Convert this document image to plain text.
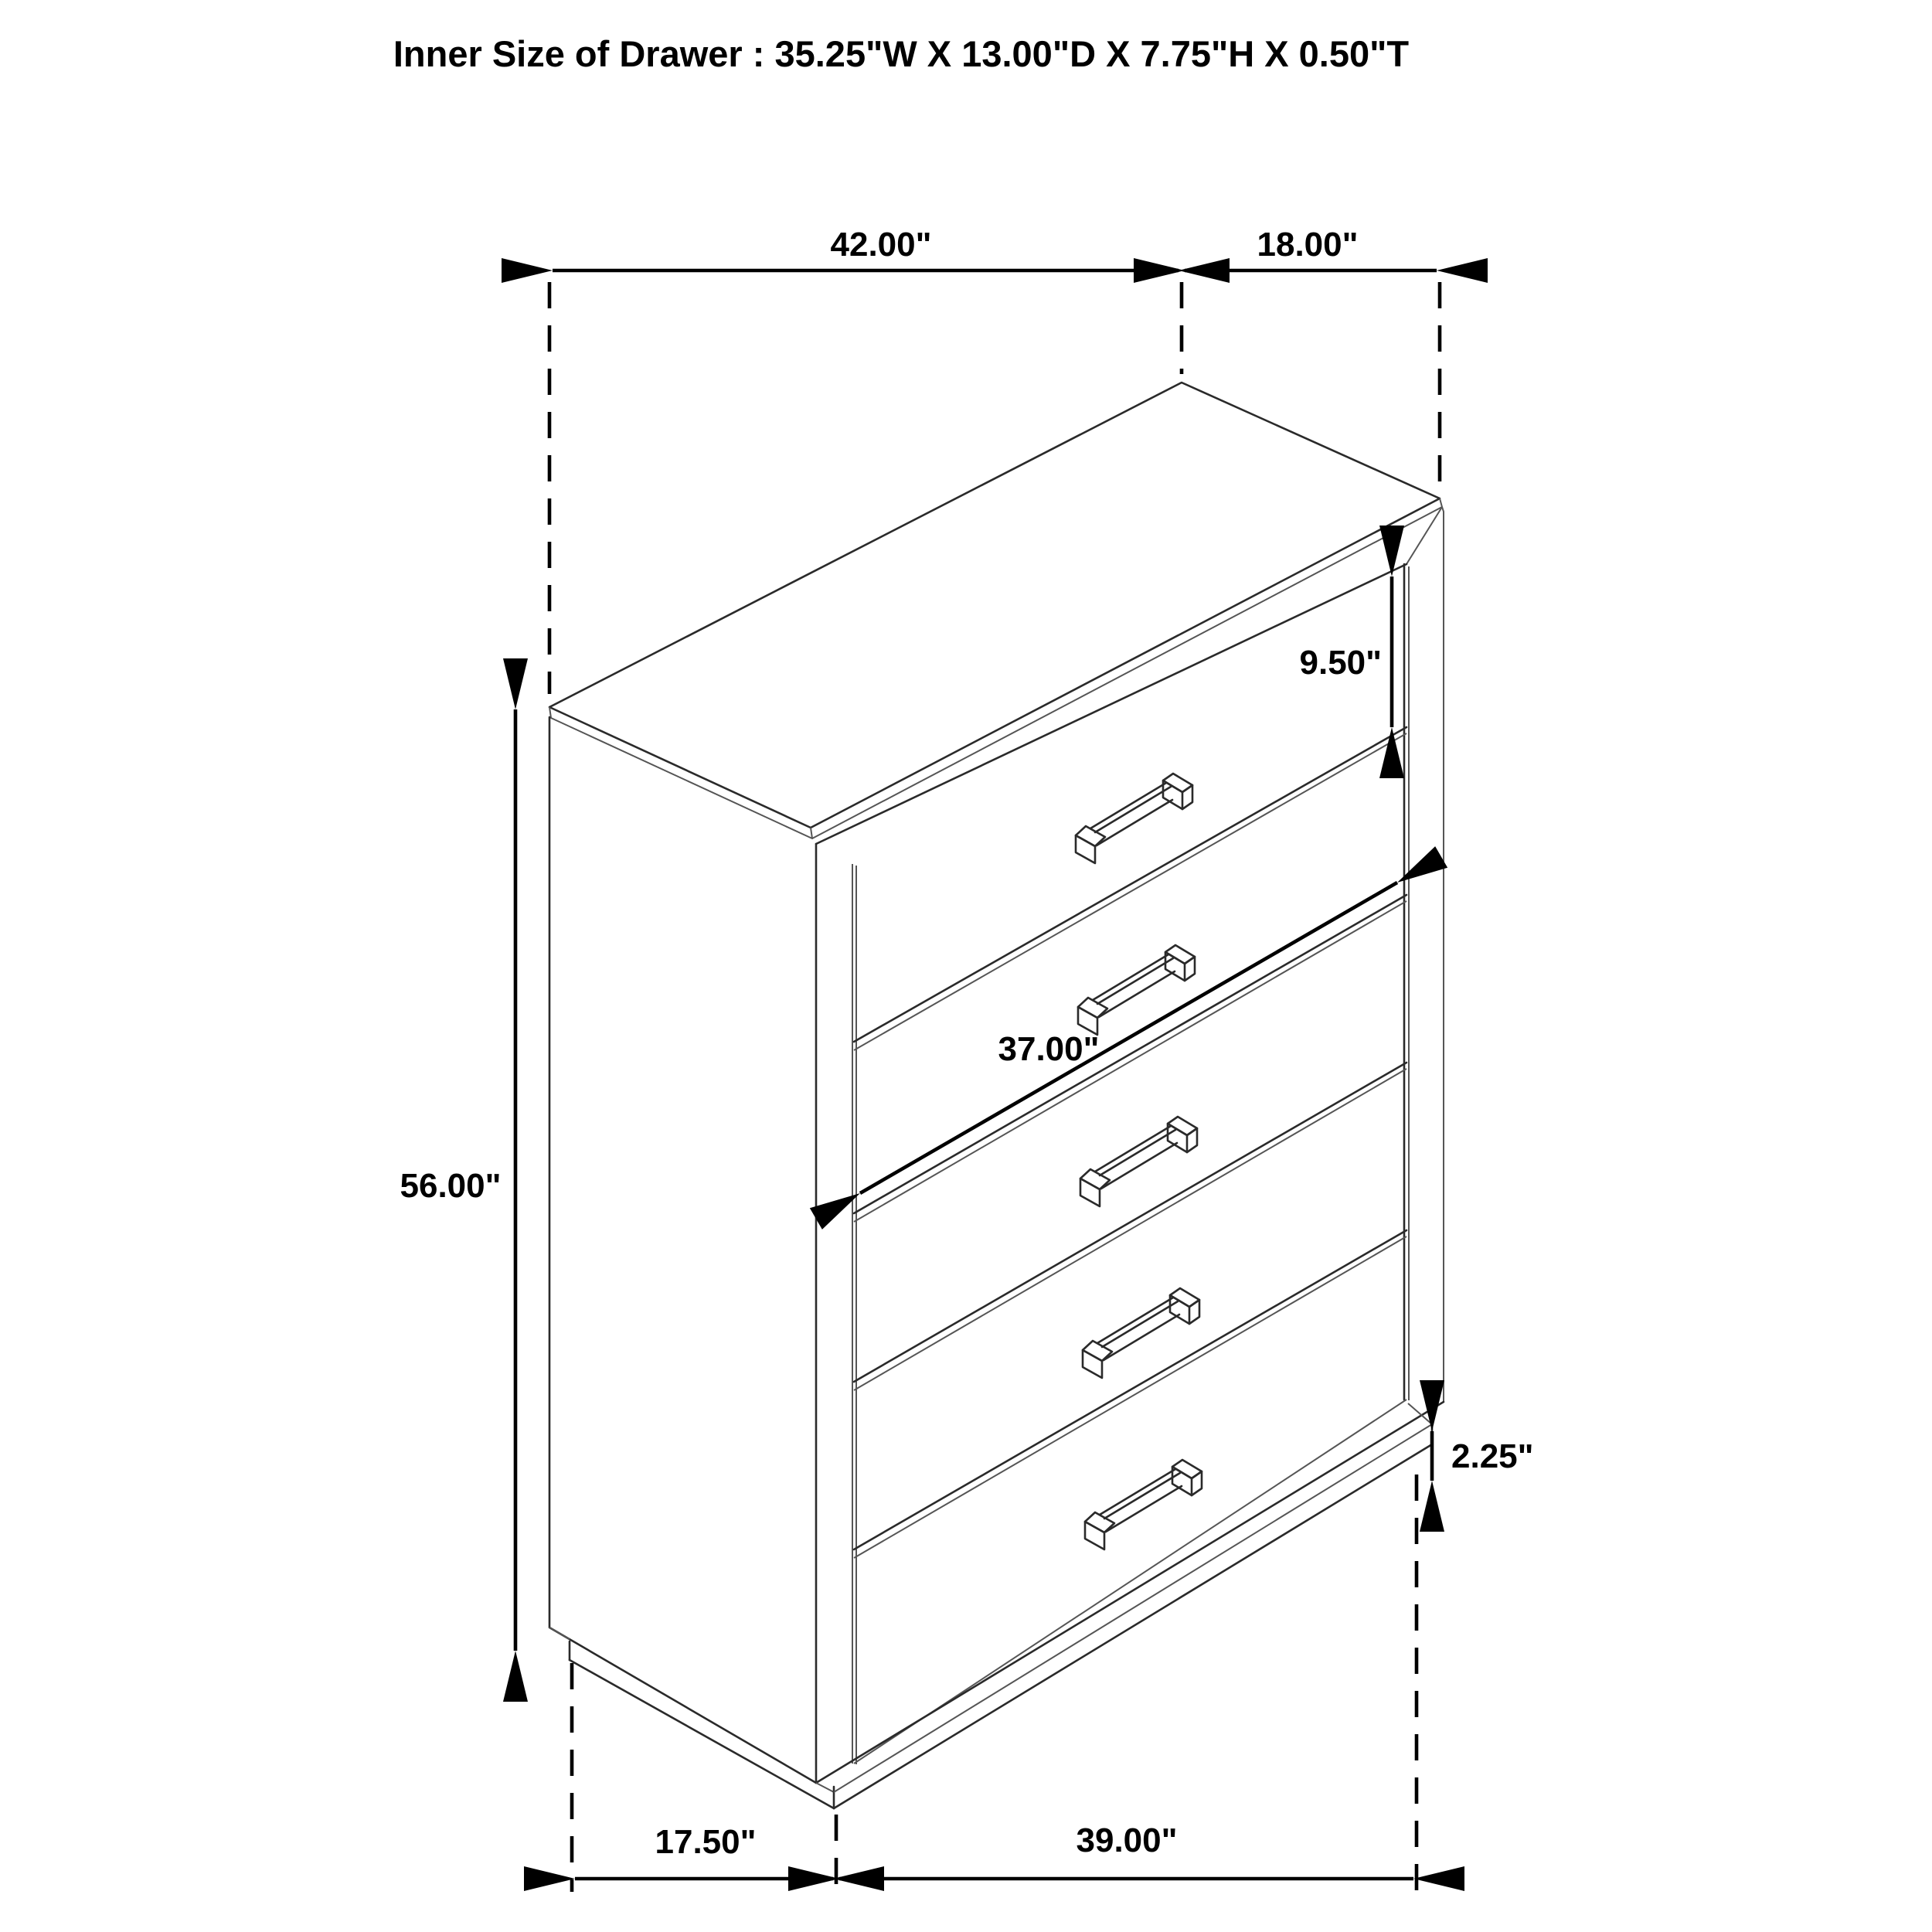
42.00"	18.00"
9.50"
37.00"
56.00"
2.25"
17.50"	39.00"
Inner Size of Drawer : 35.25"W X 13.00"D X 7.75"H X 0.50"T
